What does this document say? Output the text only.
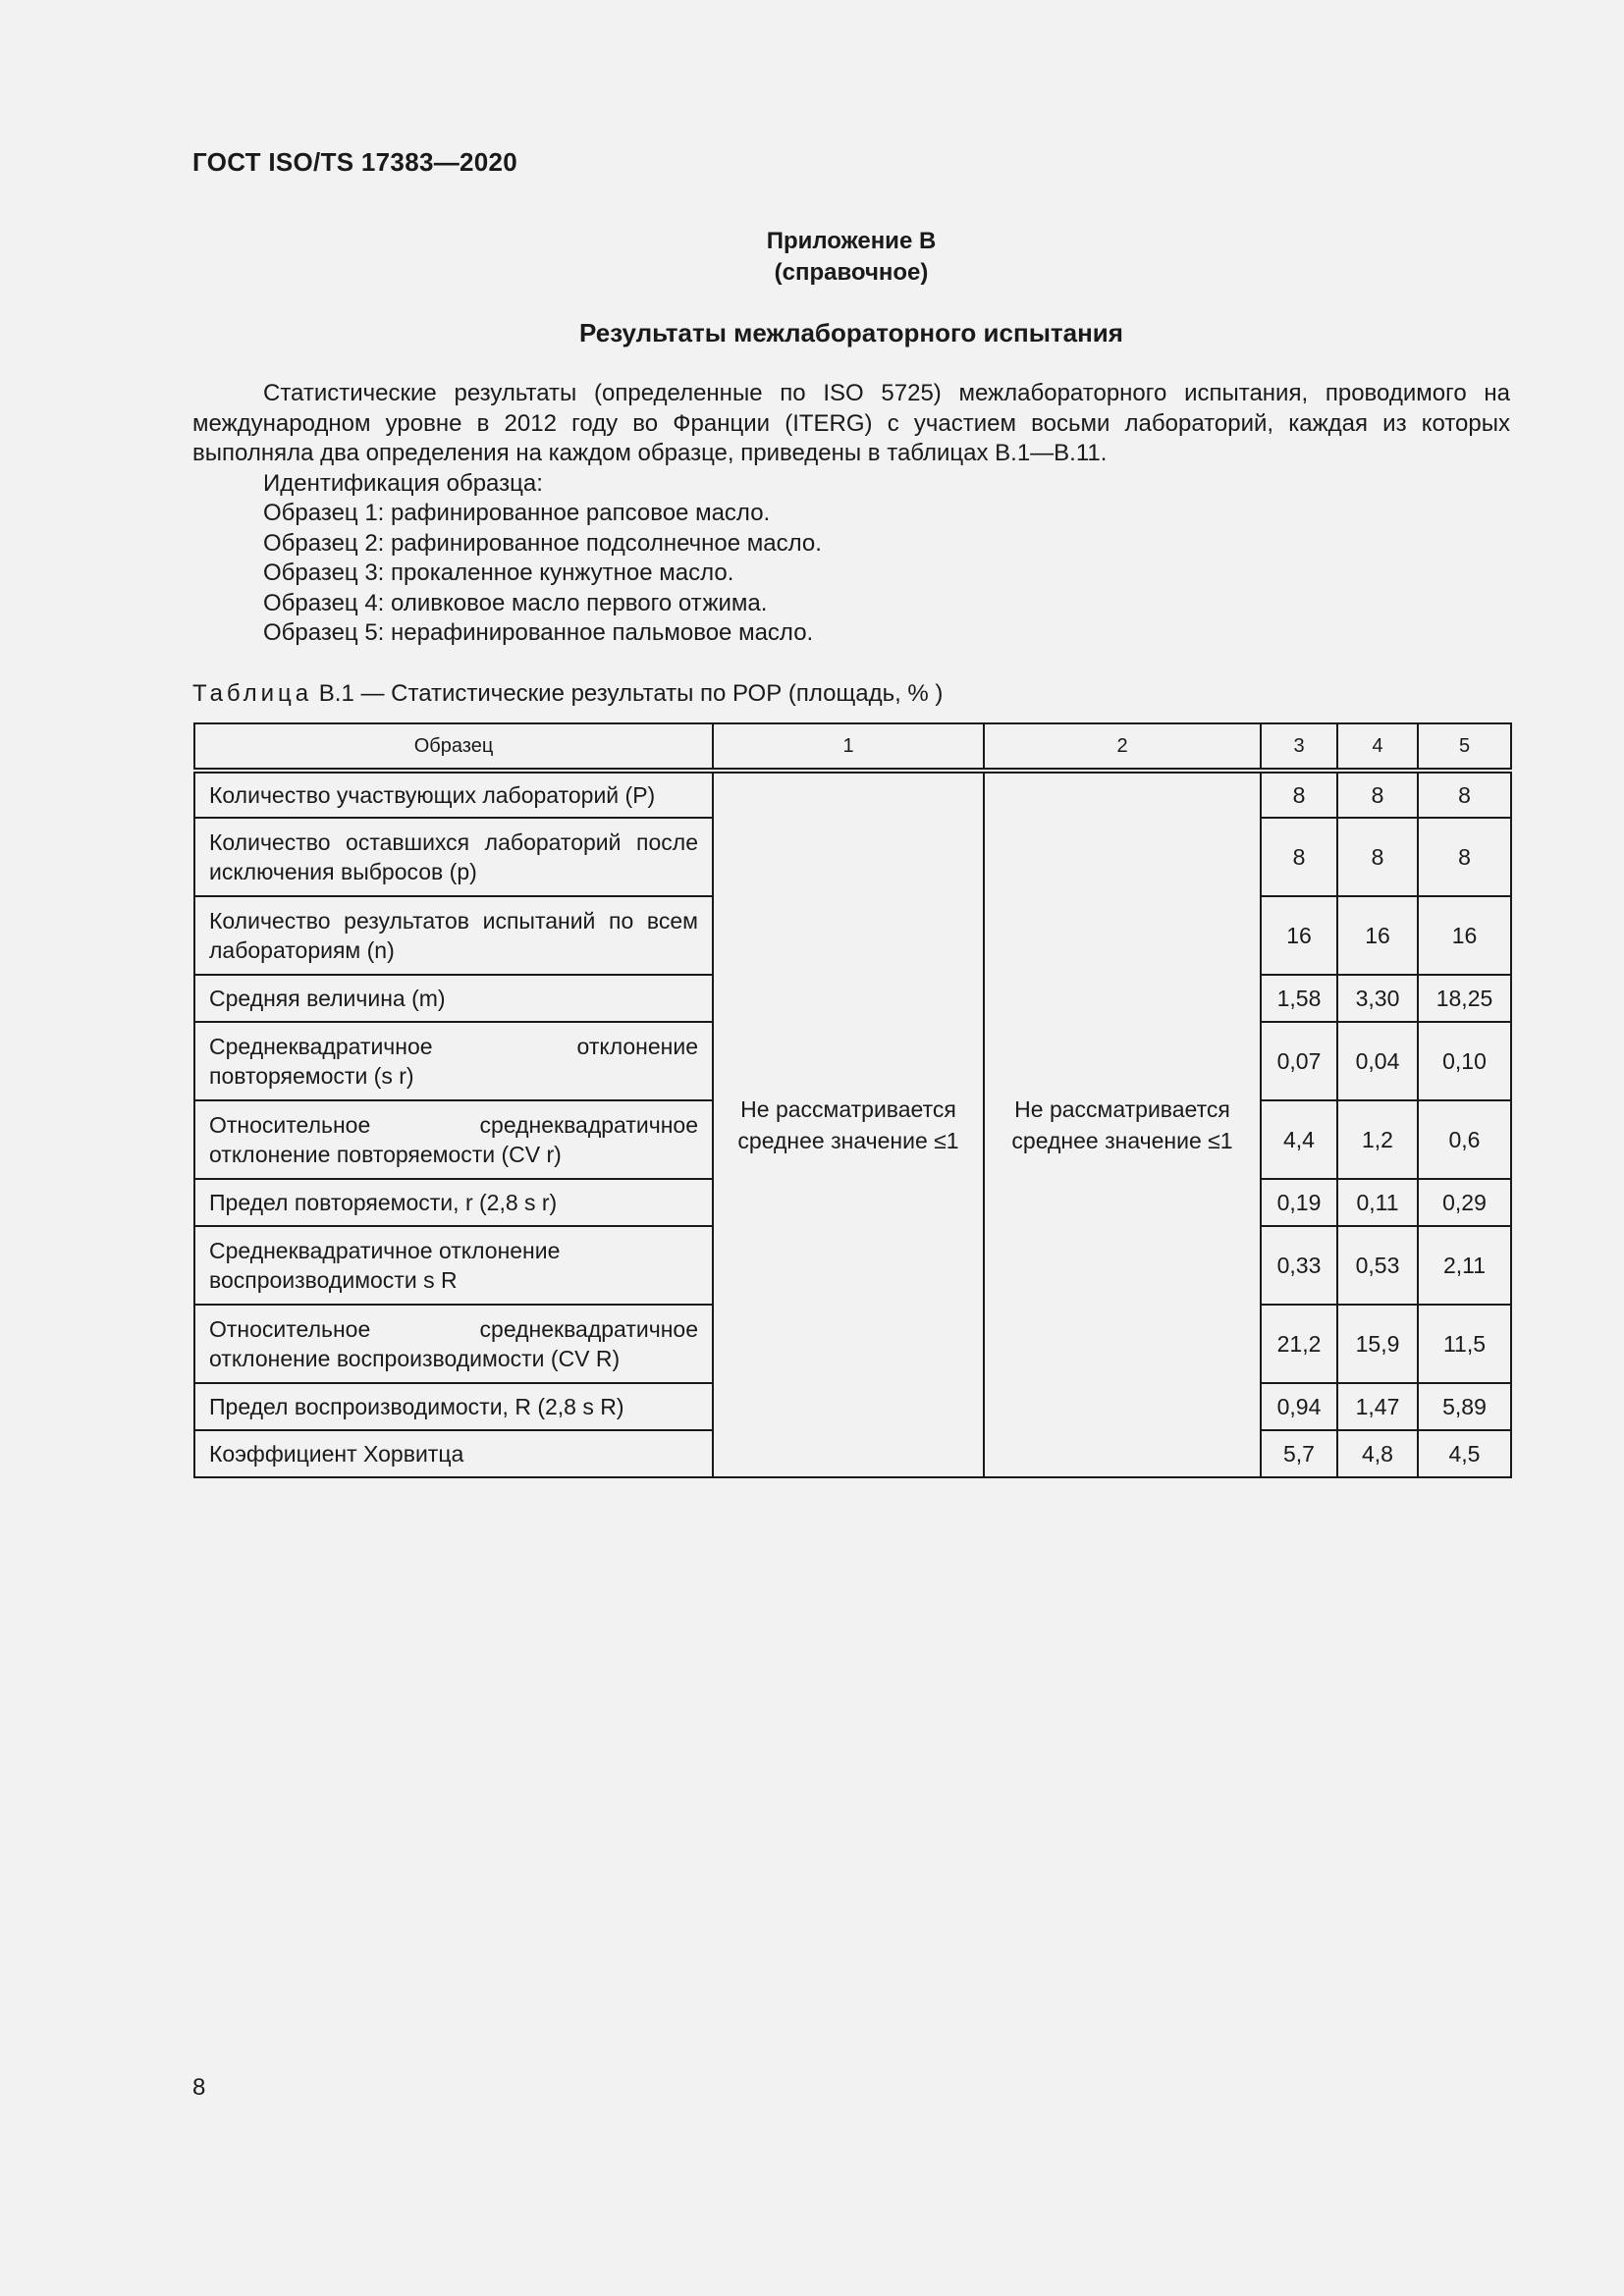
ГОСТ ISO/TS 17383—2020
Приложение В
(справочное)
Результаты межлабораторного испытания

Статистические результаты (определенные по ISO 5725) межлабораторного испытания, проводимого на международном уровне в 2012 году во Франции (ITERG) с участием восьми лабораторий, каждая из которых выполняла два определения на каждом образце, приведены в таблицах В.1—В.11.

Идентификация образца:

Образец 1: рафинированное рапсовое масло.

Образец 2: рафинированное подсолнечное масло.

Образец 3: прокаленное кунжутное масло.

Образец 4: оливковое масло первого отжима.

Образец 5: нерафинированное пальмовое масло.

Таблица В.1 — Статистические результаты по РОР (площадь, % )
Образец	1	2	3	4	5
Количество участвующих лабораторий (P)	Не рассматривается среднее значение ≤1	Не рассматривается среднее значение ≤1	8	8	8
Количество оставшихся лабораторий после исключения выбросов (p)			8	8	8
Количество результатов испытаний по всем лабораториям (n)			16	16	16
Средняя величина (m)			1,58	3,30	18,25
Среднеквадратичное отклонение повторяемости (s r)			0,07	0,04	0,10
Относительное среднеквадратичное отклонение повторяемости (CV r)			4,4	1,2	0,6
Предел повторяемости, r (2,8 s r)			0,19	0,11	0,29
Среднеквадратичное отклонение воспроизводимости s R			0,33	0,53	2,11
Относительное среднеквадратичное отклонение воспроизводимости (CV R)			21,2	15,9	11,5
Предел воспроизводимости, R (2,8 s R)			0,94	1,47	5,89
Коэффициент Хорвитца			5,7	4,8	4,5
8
